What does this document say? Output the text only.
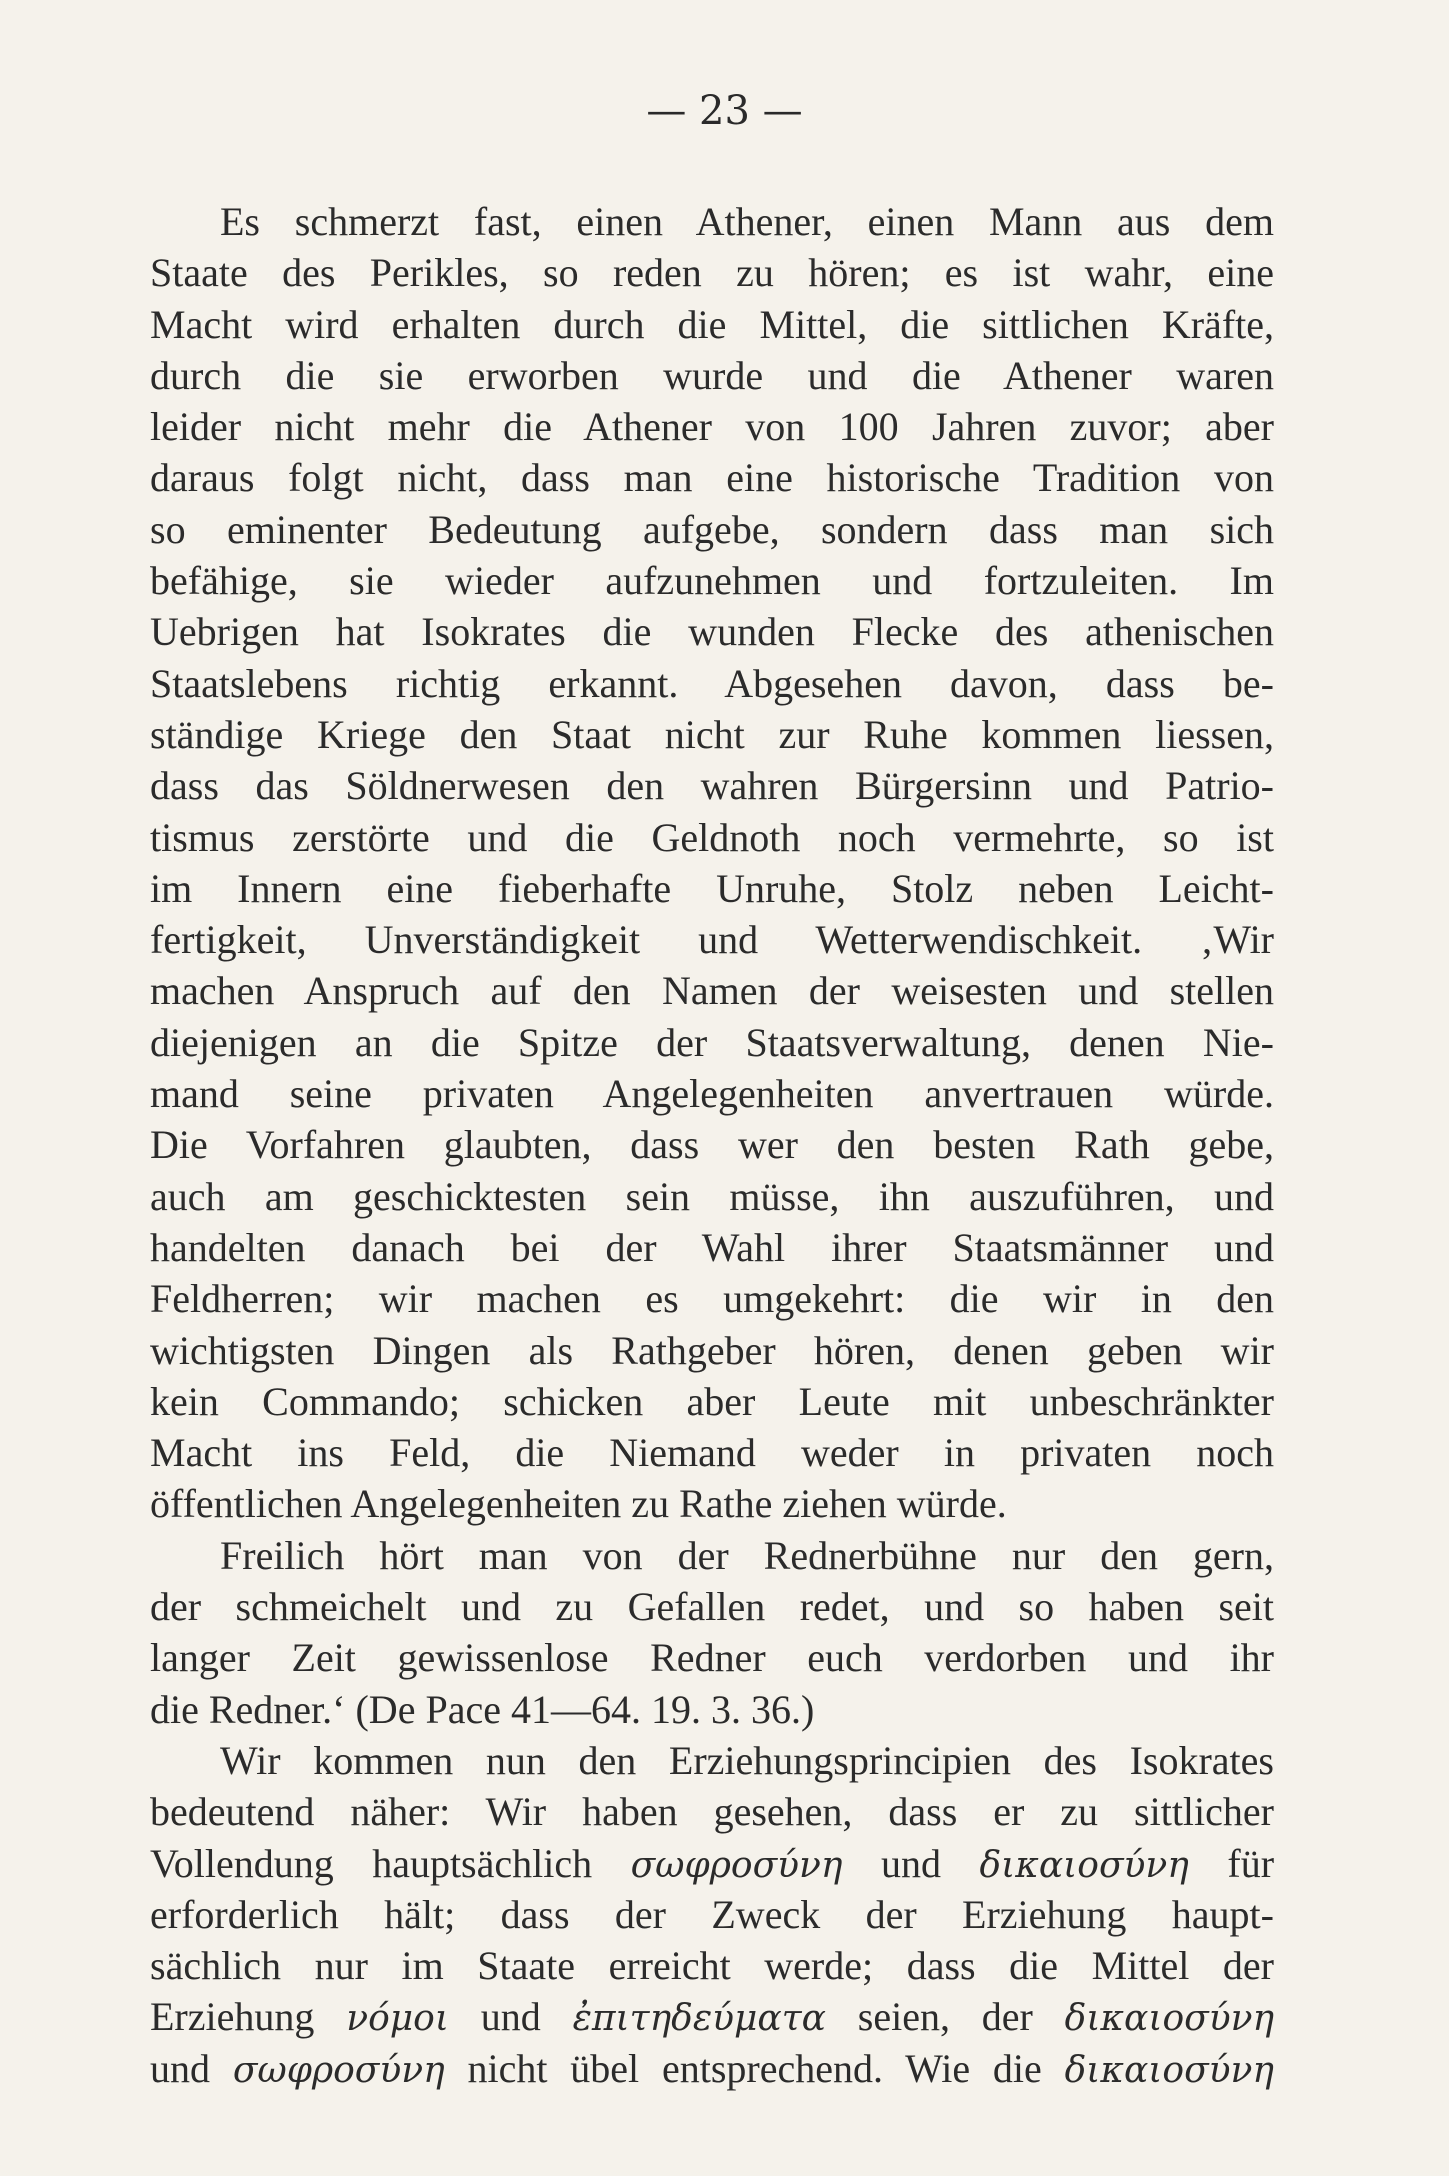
— 23 —
Es schmerzt fast, einen Athener, einen Mann aus dem
Staate des Perikles, so reden zu hören; es ist wahr, eine
Macht wird erhalten durch die Mittel, die sittlichen Kräfte,
durch die sie erworben wurde und die Athener waren
leider nicht mehr die Athener von 100 Jahren zuvor; aber
daraus folgt nicht, dass man eine historische Tradition von
so eminenter Bedeutung aufgebe, sondern dass man sich
befähige, sie wieder aufzunehmen und fortzuleiten. Im
Uebrigen hat Isokrates die wunden Flecke des athenischen
Staatslebens richtig erkannt. Abgesehen davon, dass be-
ständige Kriege den Staat nicht zur Ruhe kommen liessen,
dass das Söldnerwesen den wahren Bürgersinn und Patrio-
tismus zerstörte und die Geldnoth noch vermehrte, so ist
im Innern eine fieberhafte Unruhe, Stolz neben Leicht-
fertigkeit, Unverständigkeit und Wetterwendischkeit. ‚Wir
machen Anspruch auf den Namen der weisesten und stellen
diejenigen an die Spitze der Staatsverwaltung, denen Nie-
mand seine privaten Angelegenheiten anvertrauen würde.
Die Vorfahren glaubten, dass wer den besten Rath gebe,
auch am geschicktesten sein müsse, ihn auszuführen, und
handelten danach bei der Wahl ihrer Staatsmänner und
Feldherren; wir machen es umgekehrt: die wir in den
wichtigsten Dingen als Rathgeber hören, denen geben wir
kein Commando; schicken aber Leute mit unbeschränkter
Macht ins Feld, die Niemand weder in privaten noch
öffentlichen Angelegenheiten zu Rathe ziehen würde.
Freilich hört man von der Rednerbühne nur den gern,
der schmeichelt und zu Gefallen redet, und so haben seit
langer Zeit gewissenlose Redner euch verdorben und ihr
die Redner.‘ (De Pace 41—64. 19. 3. 36.)
Wir kommen nun den Erziehungsprincipien des Isokrates
bedeutend näher: Wir haben gesehen, dass er zu sittlicher
Vollendung hauptsächlich σωφροσύνη und δικαιοσύνη für
erforderlich hält; dass der Zweck der Erziehung haupt-
sächlich nur im Staate erreicht werde; dass die Mittel der
Erziehung νόμοι und ἐπιτηδεύματα seien, der δικαιοσύνη
und σωφροσύνη nicht übel entsprechend. Wie die δικαιοσύνη
